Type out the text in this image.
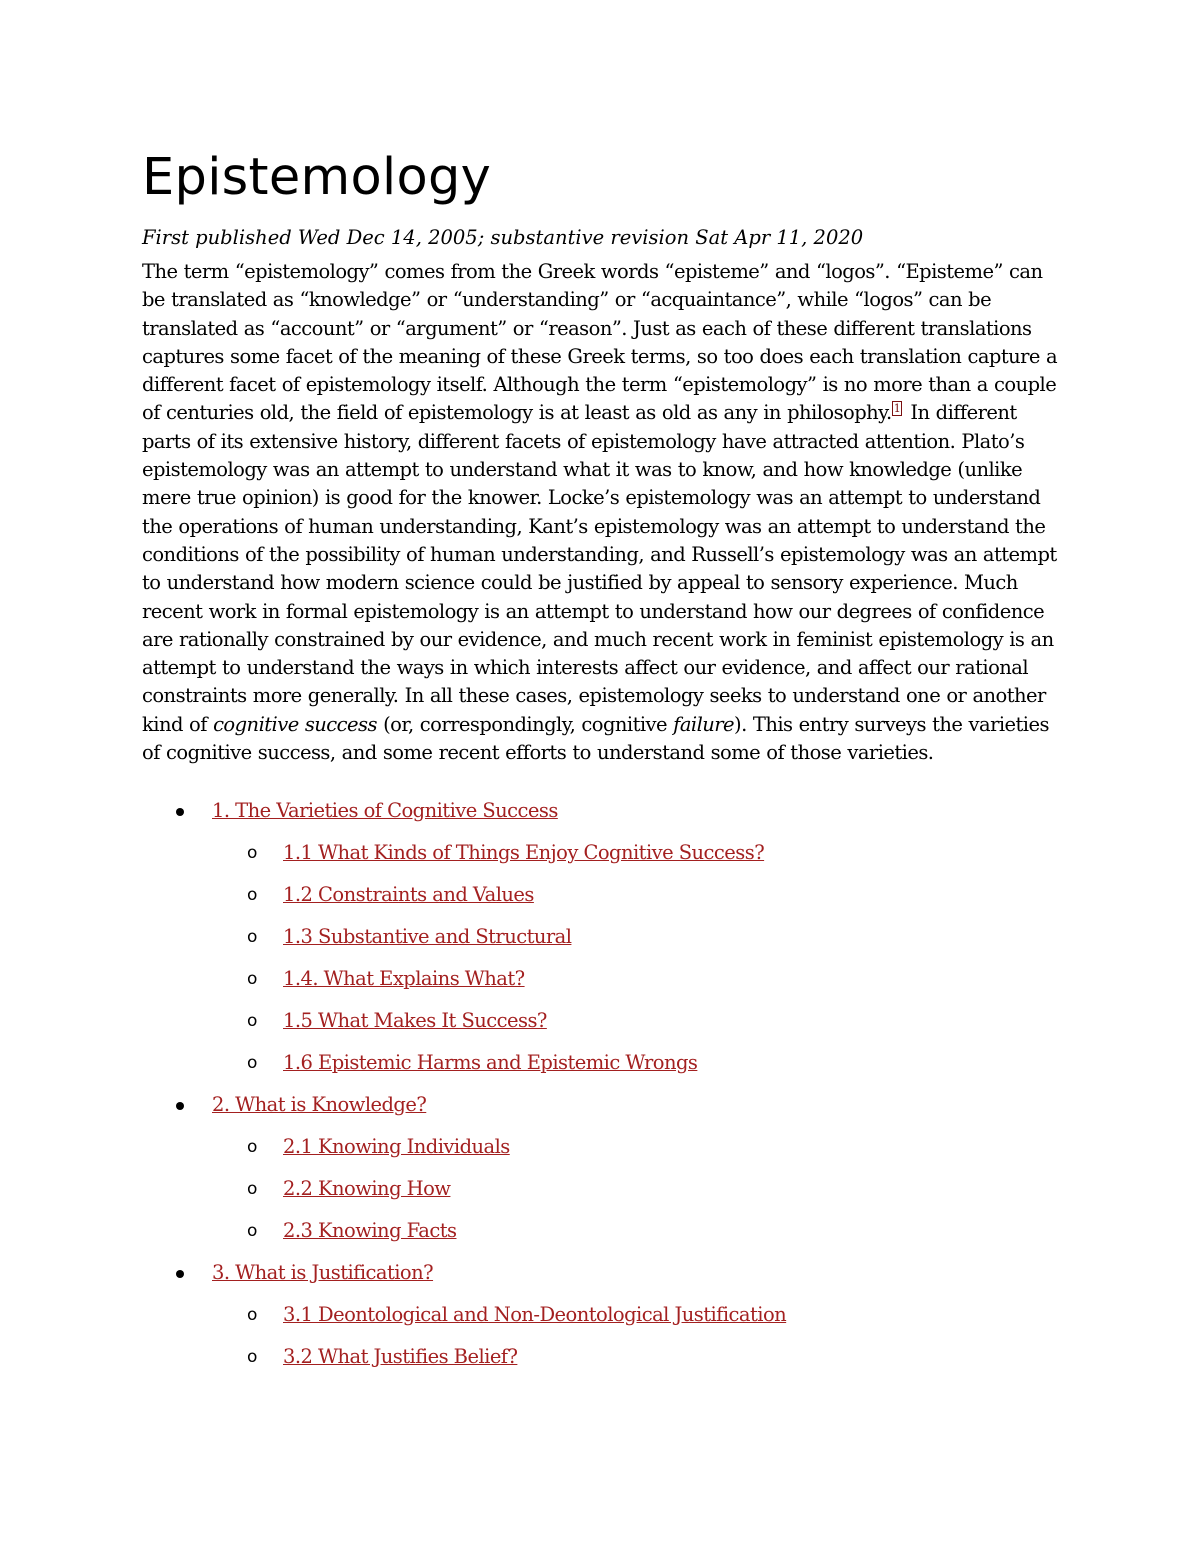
Epistemology

First published Wed Dec 14, 2005; substantive revision Sat Apr 11, 2020

The term “epistemology” comes from the Greek words “episteme” and “logos”. “Episteme” can be translated as “knowledge” or “understanding” or “acquaintance”, while “logos” can be translated as “account” or “argument” or “reason”. Just as each of these different translations captures some facet of the meaning of these Greek terms, so too does each translation capture a different facet of epistemology itself. Although the term “epistemology” is no more than a couple of centuries old, the field of epistemology is at least as old as any in philosophy. $^1$ In different parts of its extensive history, different facets of epistemology have attracted attention. Plato’s epistemology was an attempt to understand what it was to know, and how knowledge (unlike mere true opinion) is good for the knower. Locke’s epistemology was an attempt to understand the operations of human understanding, Kant’s epistemology was an attempt to understand the conditions of the possibility of human understanding, and Russell’s epistemology was an attempt to understand how modern science could be justified by appeal to sensory experience. Much recent work in formal epistemology is an attempt to understand how our degrees of confidence are rationally constrained by our evidence, and much recent work in feminist epistemology is an attempt to understand the ways in which interests affect our evidence, and affect our rational constraints more generally. In all these cases, epistemology seeks to understand one or another kind of cognitive success (or, correspondingly, cognitive failure). This entry surveys the varieties of cognitive success, and some recent efforts to understand some of those varieties.

1. The Varieties of Cognitive Success
o 1.1 What Kinds of Things Enjoy Cognitive Success?
o 1.2 Constraints and Values
o 1.3 Substantive and Structural
o 1.4. What Explains What?
o 1.5 What Makes It Success?
o 1.6 Epistemic Harms and Epistemic Wrongs
2. What is Knowledge?
o 2.1 Knowing Individuals
o 2.2 Knowing How
o 2.3 Knowing Facts
3. What is Justification?
o 3.1 Deontological and Non-Deontological Justification
o 3.2 What Justifies Belief?
